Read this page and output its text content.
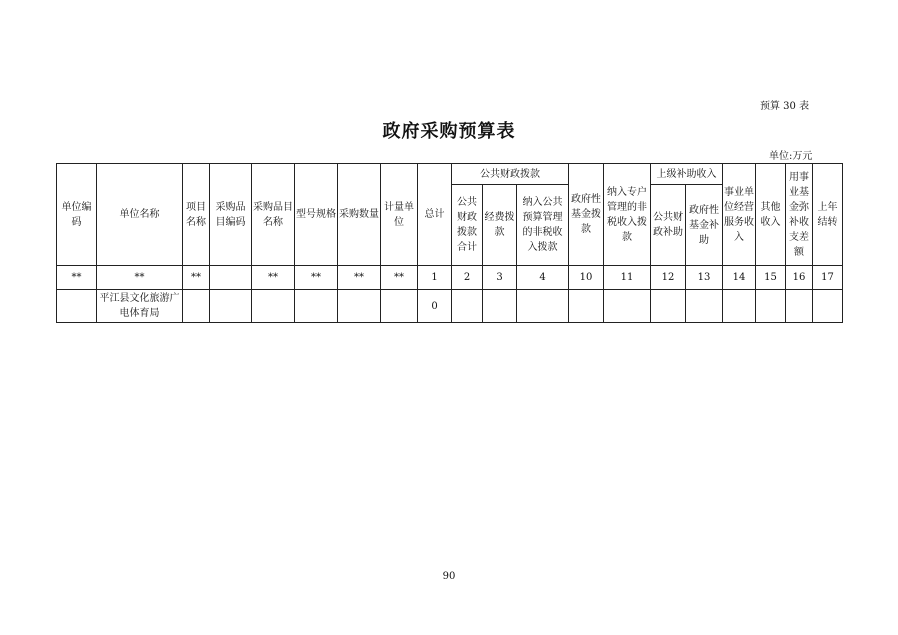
预算 30 表
政府采购预算表
单位:万元
单位编码	单位名称	项目名称	采购品目编码	采购品目名称	型号规格	采购数量	计量单位	总计	公共财政拨款			政府性基金拨款	纳入专户管理的非税收入拨款	上级补助收入		事业单位经营服务收入	其他收入	用事业基金弥补收支差额	上年结转
									公共财政拨款合计	经费拨款	纳入公共预算管理的非税收入拨款			公共财政补助	政府性基金补助				
**	**	**		**	**	**	**	1	2	3	4	10	11	12	13	14	15	16	17
	平江县文化旅游广电体育局							0											
90
